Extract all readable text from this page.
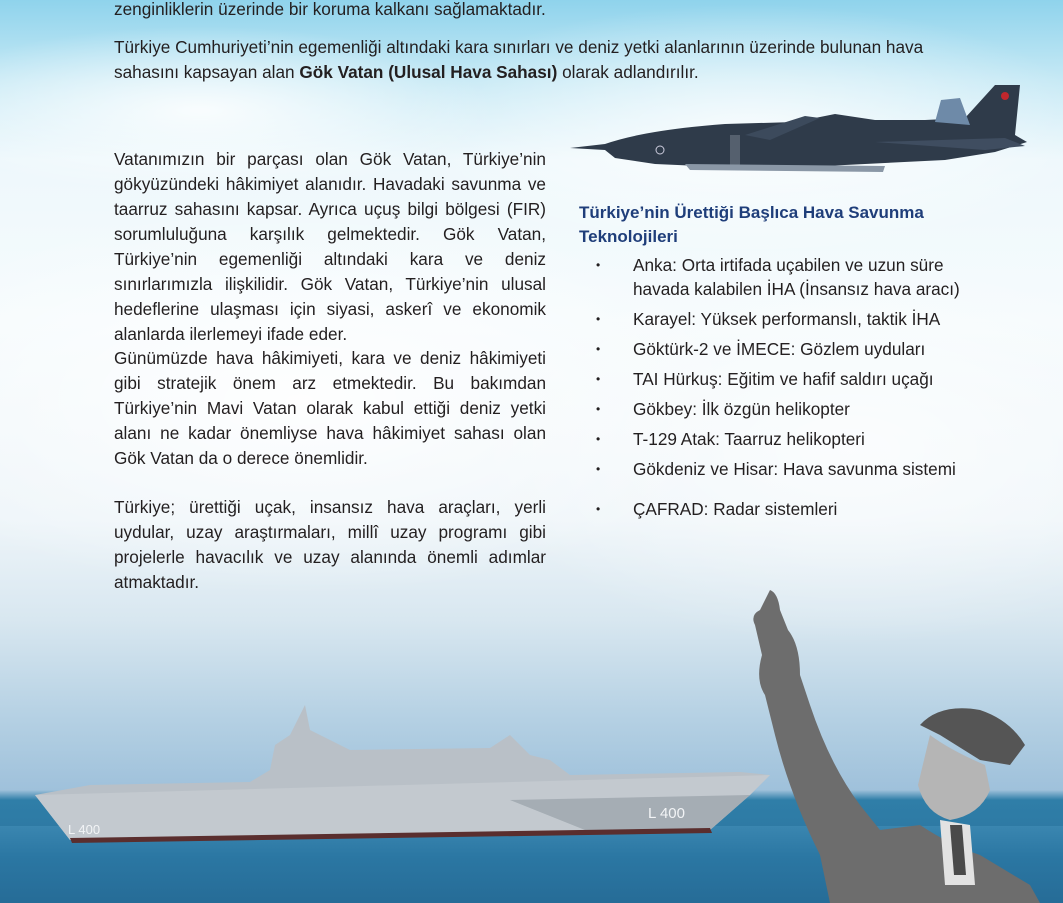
zenginliklerin üzerinde bir koruma kalkanı sağlamaktadır.
Türkiye Cumhuriyeti’nin egemenliği altındaki kara sınırları ve deniz yetki alanlarının üzerinde bulunan hava sahasını kapsayan alan Gök Vatan (Ulusal Hava Sahası) olarak adlandırılır.
Vatanımızın bir parçası olan Gök Vatan, Türkiye’nin gökyüzündeki hâkimiyet alanıdır. Havadaki savunma ve taarruz sahasını kapsar. Ayrıca uçuş bilgi bölgesi (FIR) sorumluluğuna karşılık gelmektedir. Gök Vatan, Türkiye’nin egemenliği altındaki kara ve deniz sınırlarımızla ilişkilidir. Gök Vatan, Türkiye’nin ulusal hedeflerine ulaşması için siyasi, askerî ve ekonomik alanlarda ilerlemeyi ifade eder.
Günümüzde hava hâkimiyeti, kara ve deniz hâkimiyeti gibi stratejik önem arz etmektedir. Bu bakımdan Türkiye’nin Mavi Vatan olarak kabul ettiği deniz yetki alanı ne kadar önemliyse hava hâkimiyet sahası olan Gök Vatan da o derece önemlidir.
Türkiye; ürettiği uçak, insansız hava araçları, yerli uydular, uzay araştırmaları, millî uzay programı gibi projelerle havacılık ve uzay alanında önemli adımlar atmaktadır.
Türkiye’nin Ürettiği Başlıca Hava Savunma Teknolojileri
•	Anka: Orta irtifada uçabilen ve uzun süre havada kalabilen İHA (İnsansız hava aracı)
•	Karayel: Yüksek performanslı, taktik İHA
•	Göktürk-2 ve İMECE: Gözlem uyduları
•	TAI Hürkuş: Eğitim ve hafif saldırı uçağı
•	Gökbey: İlk özgün helikopter
•	T-129 Atak: Taarruz helikopteri
•	Gökdeniz ve Hisar: Hava savunma sistemi
•	ÇAFRAD: Radar sistemleri
L 400
L 400
